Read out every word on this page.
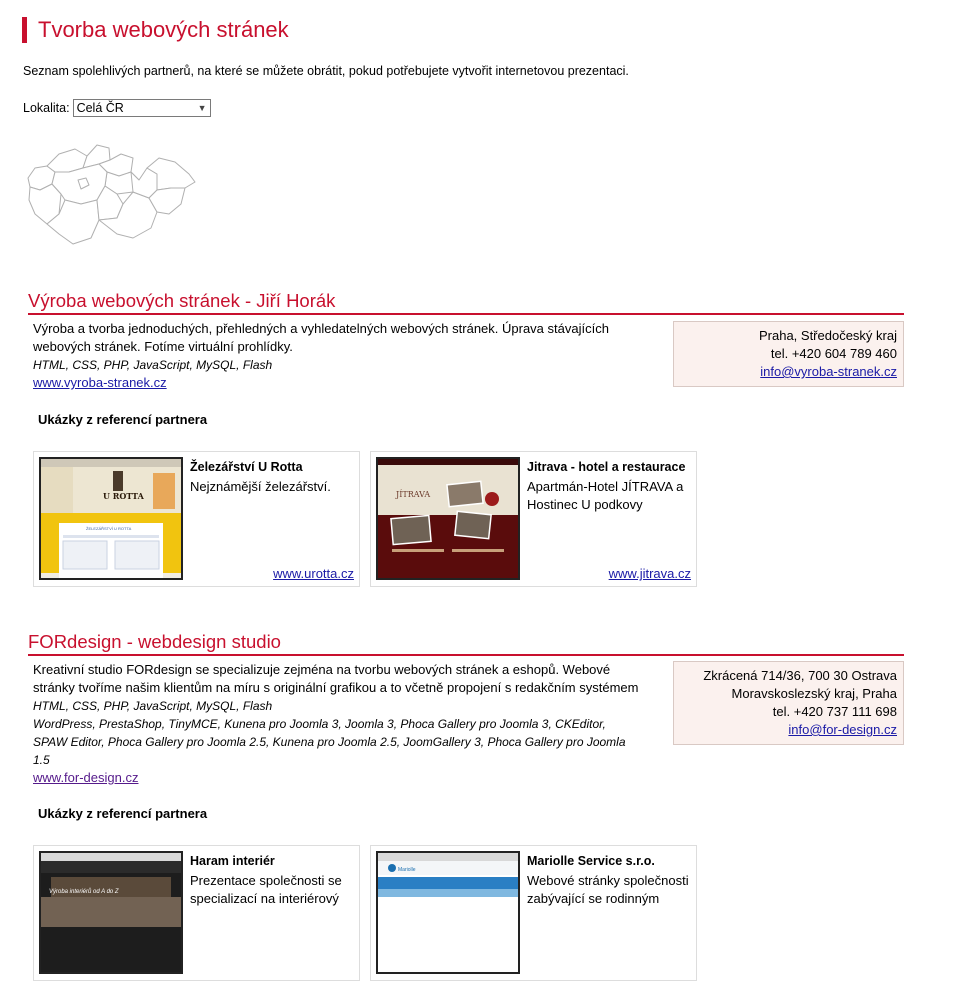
Tvorba webových stránek
Seznam spolehlivých partnerů, na které se můžete obrátit, pokud potřebujete vytvořit internetovou prezentaci.
Lokalita: Celá ČR	▼
Výroba webových stránek - Jiří Horák
Výroba a tvorba jednoduchých, přehledných a vyhledatelných webových stránek. Úprava stávajících
webových stránek. Fotíme virtuální prohlídky.
HTML, CSS, PHP, JavaScript, MySQL, Flash
www.vyroba-stranek.cz
Praha, Středočeský kraj
tel. +420 604 789 460
info@vyroba-stranek.cz
Ukázky z referencí partnera
U ROTTA
ŽELEZÁŘSTVÍ U ROTTA
Železářství U Rotta
Nejznámější železářství.
www.urotta.cz
JÍTRAVA
Jitrava - hotel a restaurace
Apartmán-Hotel JÍTRAVA a Hostinec U podkovy
www.jitrava.cz
FORdesign - webdesign studio
Kreativní studio FORdesign se specializuje zejména na tvorbu webových stránek a eshopů. Webové
stránky tvoříme našim klientům na míru s originální grafikou a to včetně propojení s redakčním systémem
HTML, CSS, PHP, JavaScript, MySQL, Flash
WordPress, PrestaShop, TinyMCE, Kunena pro Joomla 3, Joomla 3, Phoca Gallery pro Joomla 3, CKEditor,
SPAW Editor, Phoca Gallery pro Joomla 2.5, Kunena pro Joomla 2.5, JoomGallery 3, Phoca Gallery pro Joomla
1.5
www.for-design.cz
Zkrácená 714/36, 700 30 Ostrava
Moravskoslezský kraj, Praha
tel. +420 737 111 698
info@for-design.cz
Ukázky z referencí partnera
Výroba interiérů od A do Z
Haram interiér
Prezentace společnosti se specializací na interiérový
Mariolle
Mariolle Service s.r.o.
Webové stránky společnosti zabývající se rodinným
